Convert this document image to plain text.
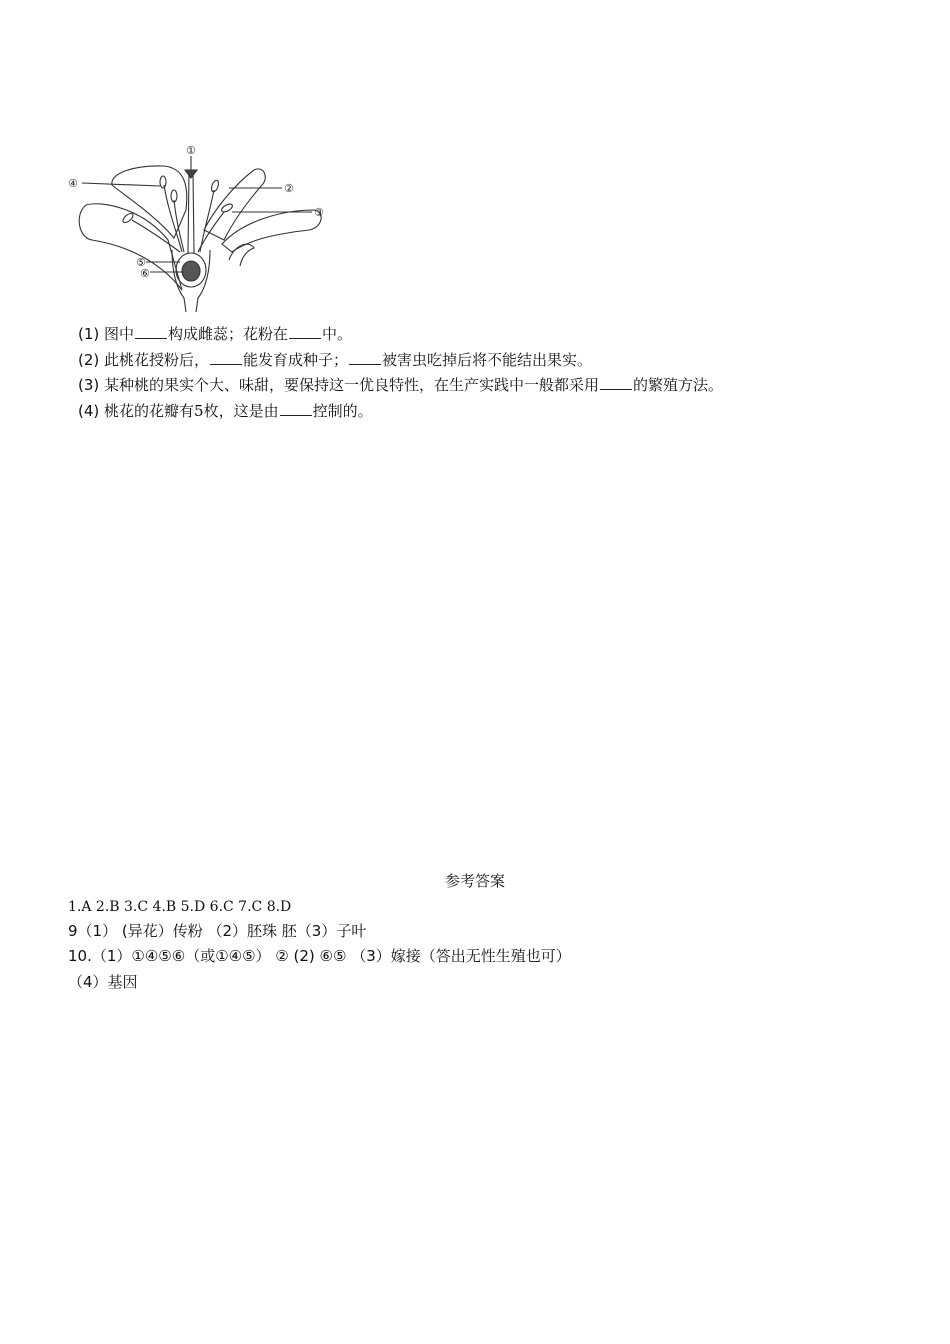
①
②
③
④
⑤
⑥
(1) 图中 构成雌蕊；花粉在 中。
(2) 此桃花授粉后， 能发育成种子； 被害虫吃掉后将不能结出果实。
(3) 某种桃的果实个大、味甜，要保持这一优良特性，在生产实践中一般都采用 的繁殖方法。
(4) 桃花的花瓣有5枚，这是由 控制的。
参考答案
1.A 2.B 3.C 4.B 5.D 6.C 7.C 8.D
9（1） (异花）传粉 （2）胚珠 胚（3）子叶
10.（1）①④⑤⑥（或①④⑤） ② (2) ⑥⑤ （3）嫁接（答出无性生殖也可）
（4）基因
